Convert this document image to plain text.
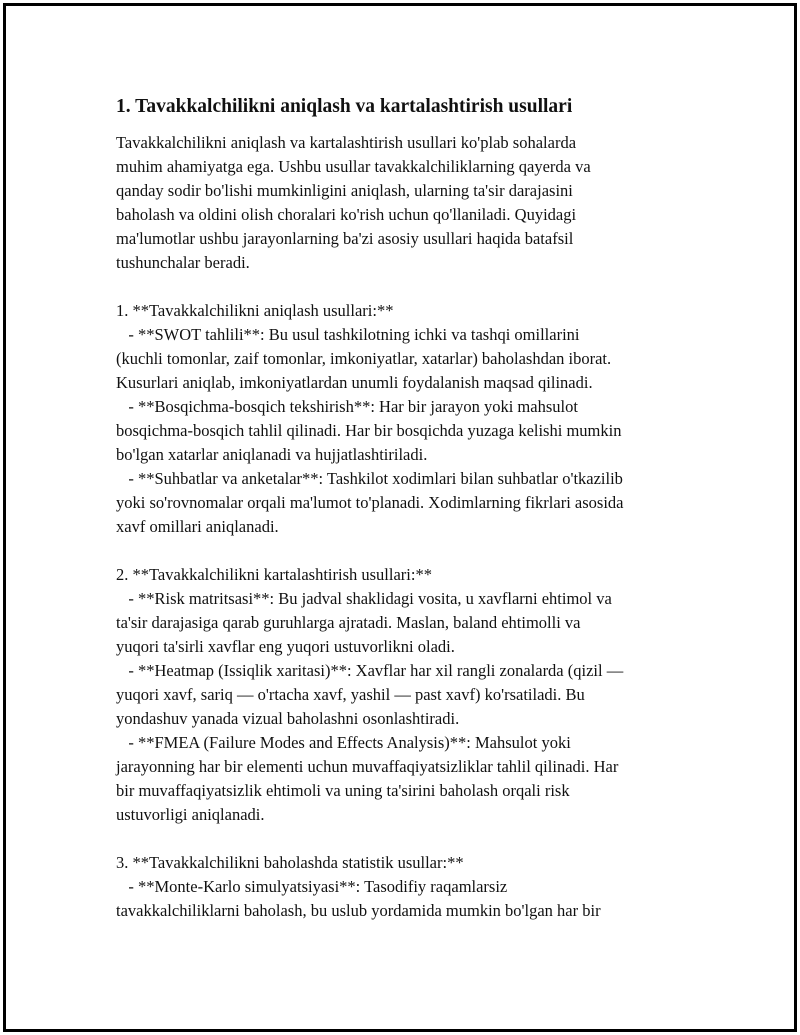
1. Tavakkalchilikni aniqlash va kartalashtirish usullari
Tavakkalchilikni aniqlash va kartalashtirish usullari ko'plab sohalarda
muhim ahamiyatga ega. Ushbu usullar tavakkalchiliklarning qayerda va
qanday sodir bo'lishi mumkinligini aniqlash, ularning ta'sir darajasini
baholash va oldini olish choralari ko'rish uchun qo'llaniladi. Quyidagi
ma'lumotlar ushbu jarayonlarning ba'zi asosiy usullari haqida batafsil
tushunchalar beradi.
1. **Tavakkalchilikni aniqlash usullari:**
- **SWOT tahlili**: Bu usul tashkilotning ichki va tashqi omillarini
(kuchli tomonlar, zaif tomonlar, imkoniyatlar, xatarlar) baholashdan iborat.
Kusurlari aniqlab, imkoniyatlardan unumli foydalanish maqsad qilinadi.
- **Bosqichma-bosqich tekshirish**: Har bir jarayon yoki mahsulot
bosqichma-bosqich tahlil qilinadi. Har bir bosqichda yuzaga kelishi mumkin
bo'lgan xatarlar aniqlanadi va hujjatlashtiriladi.
- **Suhbatlar va anketalar**: Tashkilot xodimlari bilan suhbatlar o'tkazilib
yoki so'rovnomalar orqali ma'lumot to'planadi. Xodimlarning fikrlari asosida
xavf omillari aniqlanadi.
2. **Tavakkalchilikni kartalashtirish usullari:**
- **Risk matritsasi**: Bu jadval shaklidagi vosita, u xavflarni ehtimol va
ta'sir darajasiga qarab guruhlarga ajratadi. Maslan, baland ehtimolli va
yuqori ta'sirli xavflar eng yuqori ustuvorlikni oladi.
- **Heatmap (Issiqlik xaritasi)**: Xavflar har xil rangli zonalarda (qizil —
yuqori xavf, sariq — o'rtacha xavf, yashil — past xavf) ko'rsatiladi. Bu
yondashuv yanada vizual baholashni osonlashtiradi.
- **FMEA (Failure Modes and Effects Analysis)**: Mahsulot yoki
jarayonning har bir elementi uchun muvaffaqiyatsizliklar tahlil qilinadi. Har
bir muvaffaqiyatsizlik ehtimoli va uning ta'sirini baholash orqali risk
ustuvorligi aniqlanadi.
3. **Tavakkalchilikni baholashda statistik usullar:**
- **Monte-Karlo simulyatsiyasi**: Tasodifiy raqamlarsiz
tavakkalchiliklarni baholash, bu uslub yordamida mumkin bo'lgan har bir
